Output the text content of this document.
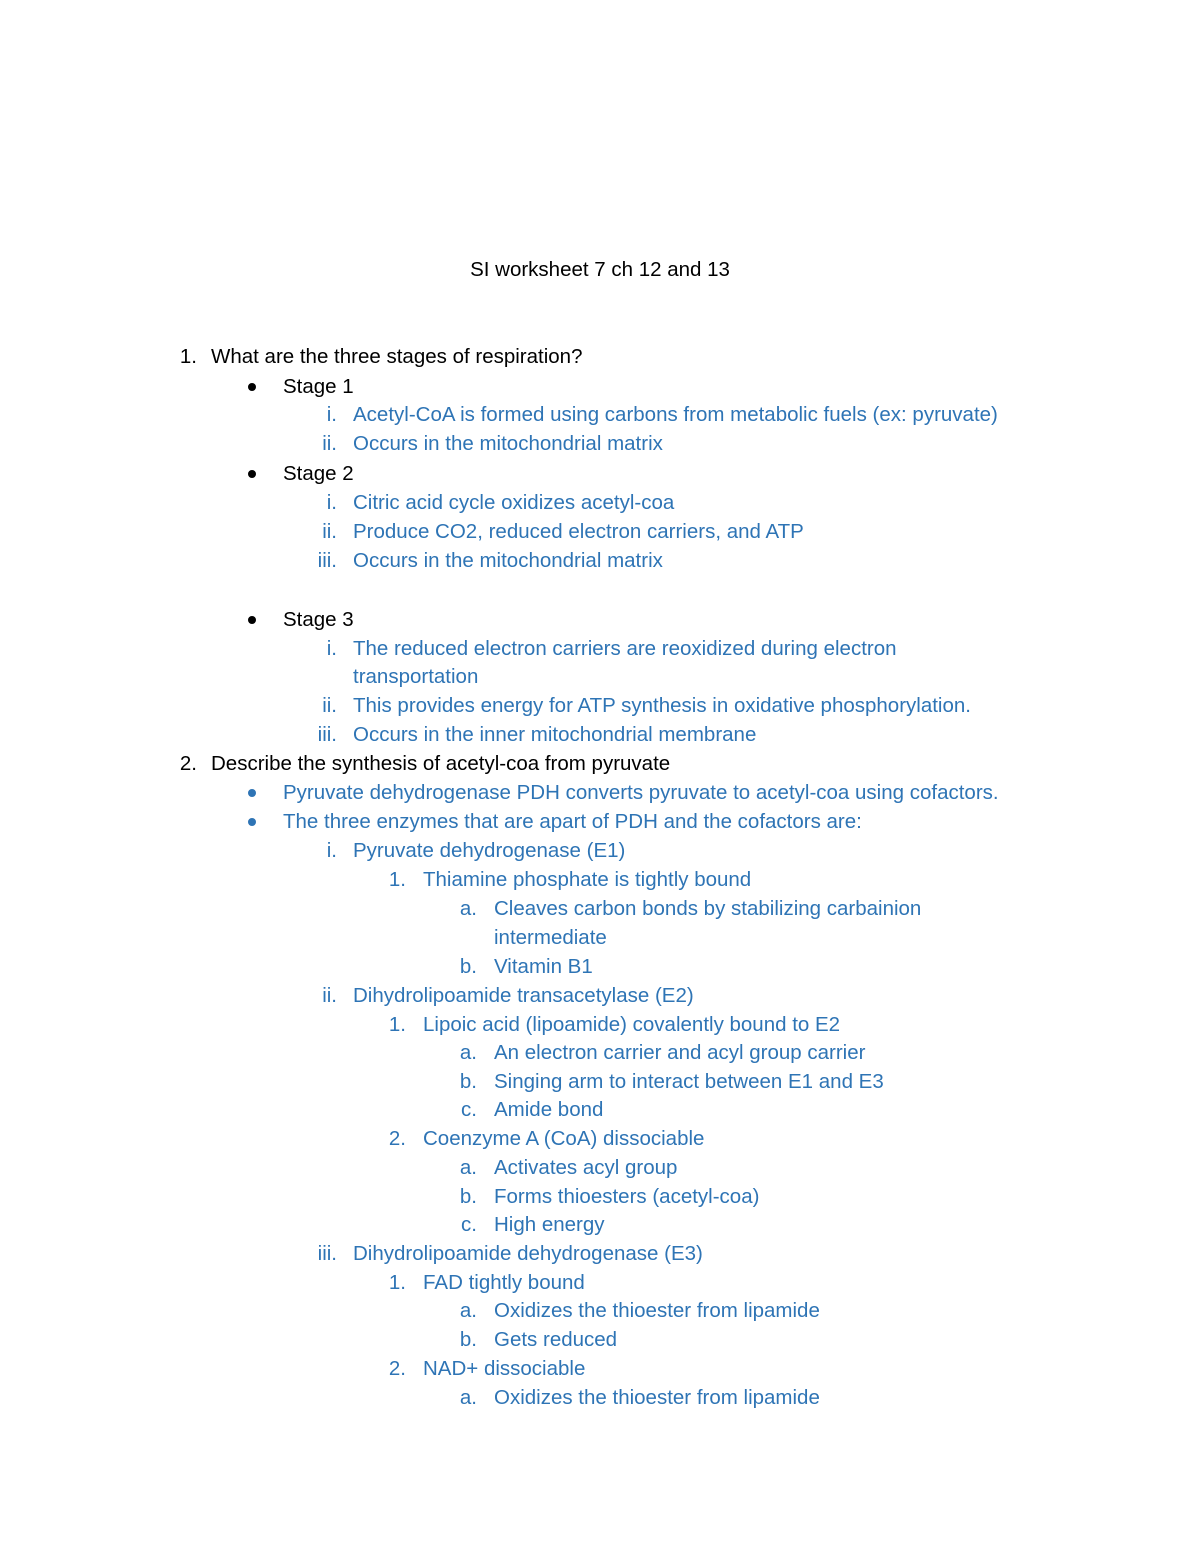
SI worksheet 7 ch 12 and 13
1. What are the three stages of respiration?
Stage 1
i. Acetyl-CoA is formed using carbons from metabolic fuels (ex: pyruvate)
ii. Occurs in the mitochondrial matrix
Stage 2
i. Citric acid cycle oxidizes acetyl-coa
ii. Produce CO2, reduced electron carriers, and ATP
iii. Occurs in the mitochondrial matrix
Stage 3
i. The reduced electron carriers are reoxidized during electron
transportation
ii. This provides energy for ATP synthesis in oxidative phosphorylation.
iii. Occurs in the inner mitochondrial membrane
2. Describe the synthesis of acetyl-coa from pyruvate
Pyruvate dehydrogenase PDH converts pyruvate to acetyl-coa using cofactors.
The three enzymes that are apart of PDH and the cofactors are:
i. Pyruvate dehydrogenase (E1)
1. Thiamine phosphate is tightly bound
a. Cleaves carbon bonds by stabilizing carbainion
intermediate
b. Vitamin B1
ii. Dihydrolipoamide transacetylase (E2)
1. Lipoic acid (lipoamide) covalently bound to E2
a. An electron carrier and acyl group carrier
b. Singing arm to interact between E1 and E3
c. Amide bond
2. Coenzyme A (CoA) dissociable
a. Activates acyl group
b. Forms thioesters (acetyl-coa)
c. High energy
iii. Dihydrolipoamide dehydrogenase (E3)
1. FAD tightly bound
a. Oxidizes the thioester from lipamide
b. Gets reduced
2. NAD+ dissociable
a. Oxidizes the thioester from lipamide
